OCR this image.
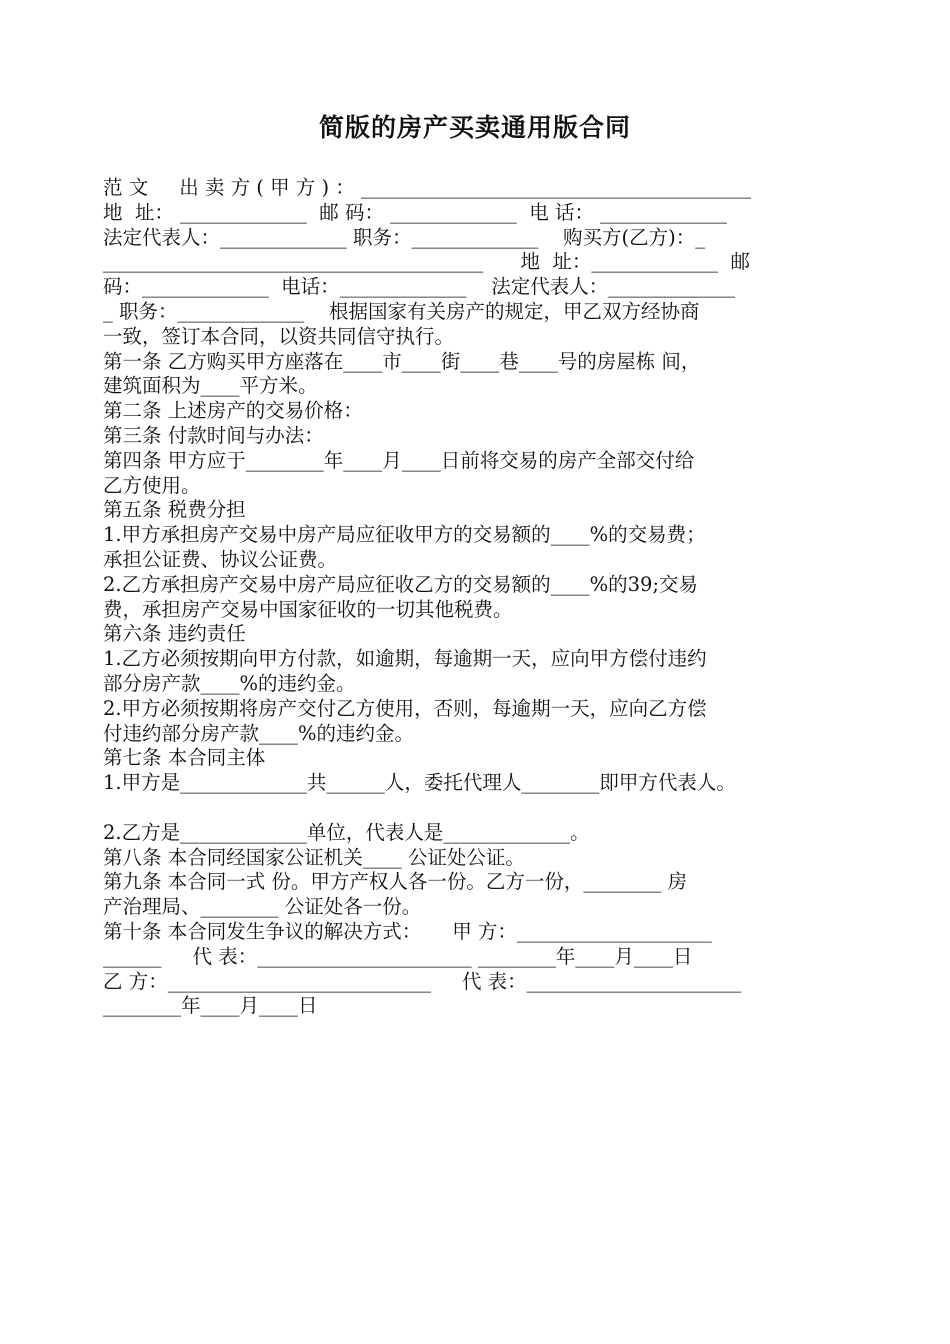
简版的房产买卖通用版合同
范 文     出 卖 方 ( 甲 方 ) ： ________________________________________
地  址： _____________  邮 码： _____________  电 话： _____________
法定代表人：_____________ 职务：_____________    购买方(乙方)：_
_______________________________________      地  址：_____________  邮
码：_____________  电话：_____________    法定代表人：_____________
_ 职务：_____________    根据国家有关房产的规定，甲乙双方经协商
一致，签订本合同，以资共同信守执行。
第一条 乙方购买甲方座落在____市____街____巷____号的房屋栋 间，
建筑面积为____平方米。
第二条 上述房产的交易价格：
第三条 付款时间与办法：
第四条 甲方应于________年____月____日前将交易的房产全部交付给
乙方使用。
第五条 税费分担
1.甲方承担房产交易中房产局应征收甲方的交易额的____%的交易费；
承担公证费、协议公证费。
2.乙方承担房产交易中房产局应征收乙方的交易额的____%的39;交易
费，承担房产交易中国家征收的一切其他税费。
第六条 违约责任
1.乙方必须按期向甲方付款，如逾期，每逾期一天，应向甲方偿付违约
部分房产款____%的违约金。
2.甲方必须按期将房产交付乙方使用，否则，每逾期一天，应向乙方偿
付违约部分房产款____%的违约金。
第七条 本合同主体
1.甲方是_____________共______人，委托代理人________即甲方代表人。
2.乙方是_____________单位，代表人是_____________。
第八条 本合同经国家公证机关____ 公证处公证。
第九条 本合同一式 份。甲方产权人各一份。乙方一份，________ 房
产治理局、________ 公证处各一份。
第十条 本合同发生争议的解决方式：     甲 方：____________________
______     代 表：______________________ ________年____月____日
乙 方：___________________________     代 表：______________________
________年____月____日
